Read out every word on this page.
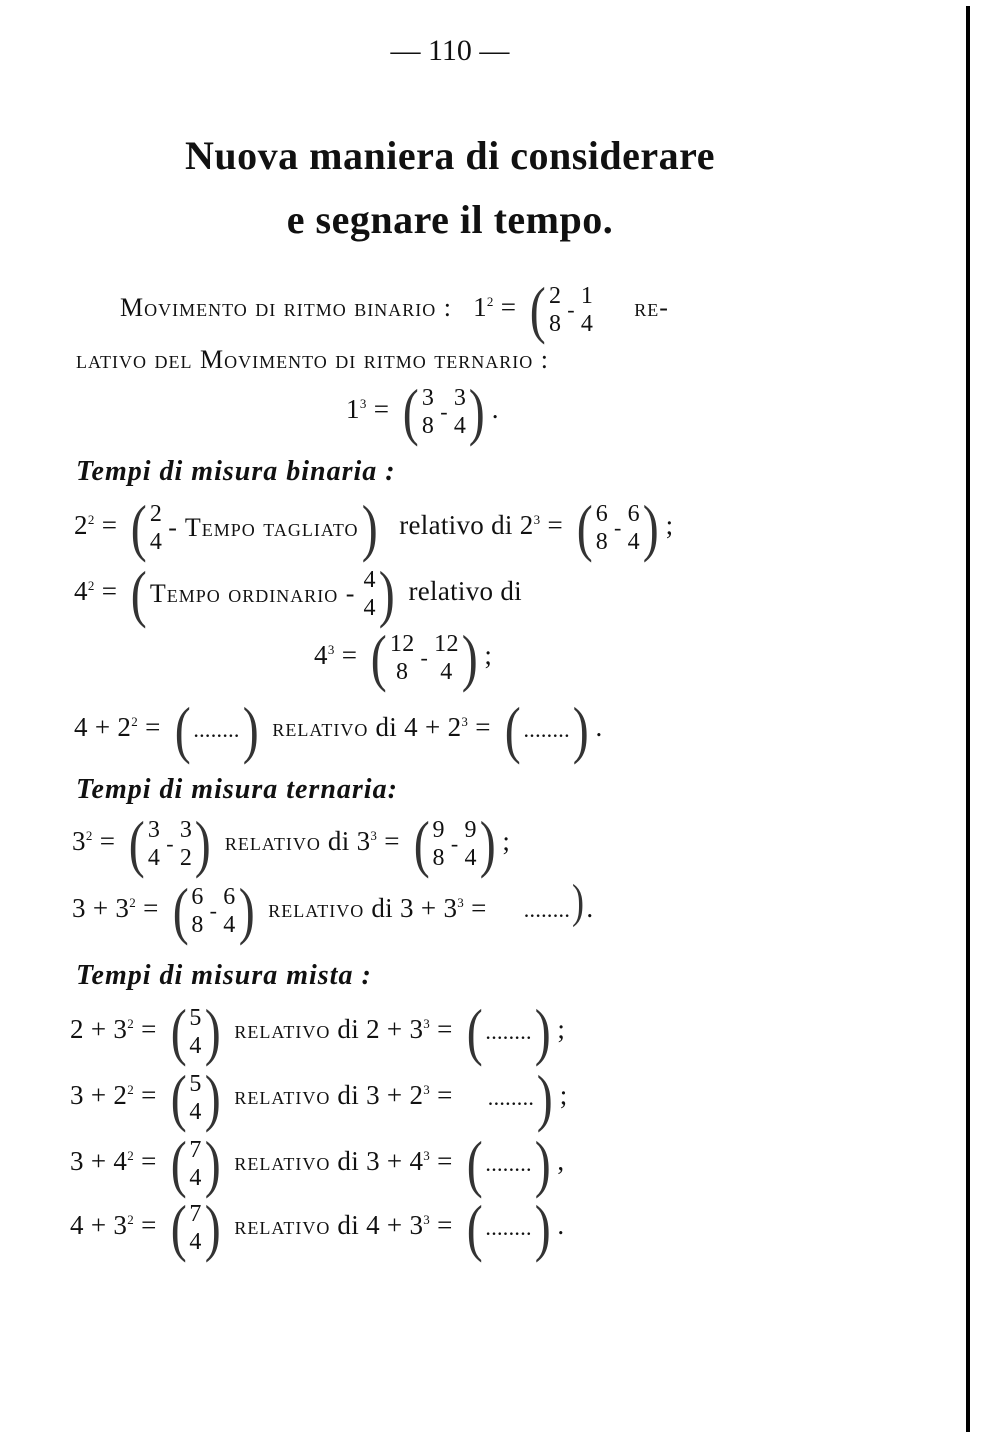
— 110 —
Nuova maniera di considerare
e segnare il tempo.
Movimento di ritmo binario : $1^2$ = ( 2
8
-
1
4
re-
lativo del Movimento di ritmo ternario :
$1^3$ = ( 3
8
-
3
4 ) .
Tempi di misura binaria :
$2^2$ = ( 2
4 - Tempo tagliato ) relativo di $2^3$ = ( 6
8
-
6
4 ) ;
$4^2$ = ( Tempo ordinario - 4
4 ) relativo di
$4^3$ = ( 12
8
-
12
4 ) ;
$4 + 2^2$ = ( ........ ) relativo di $4 + 2^3$ = ( ........ ) .
Tempi di misura ternaria:
$3^2$ = ( 3
4
-
3
2 ) relativo di $3^3$ = ( 9
8
-
9
4 ) ;
$3 + 3^2$ = ( 6
8
-
6
4 ) relativo di $3 + 3^3$ = ........).
Tempi di misura mista :
$2 + 3^2$ = ( 5
4 ) relativo di $2 + 3^3$ = ( ........ ) ;
$3 + 2^2$ = ( 5
4 ) relativo di $3 + 2^3$ = ........ ) ;
$3 + 4^2$ = ( 7
4 ) relativo di $3 + 4^3$ = ( ........ ) ,
$4 + 3^2$ = ( 7
4 ) relativo di $4 + 3^3$ = ( ........ ) .
